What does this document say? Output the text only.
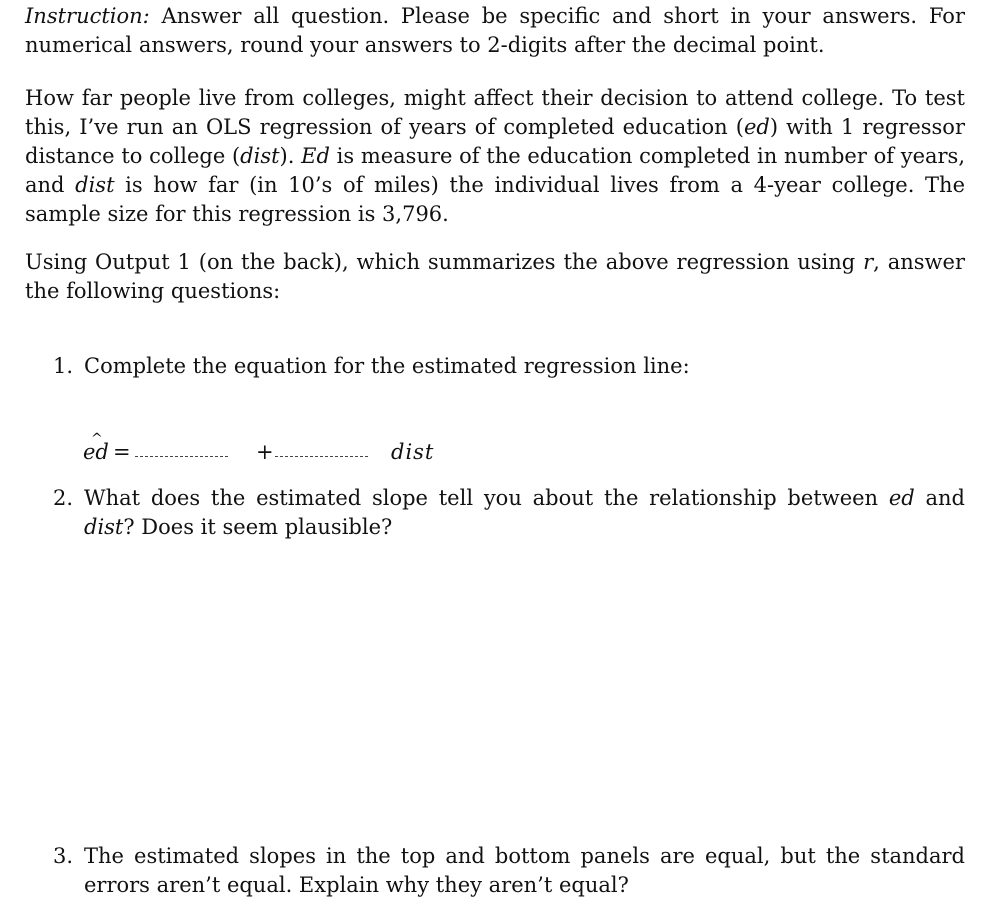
Instruction: Answer all question. Please be specific and short in your answers. For numerical answers, round your answers to 2-digits after the decimal point.

How far people live from colleges, might affect their decision to attend college. To test this, I’ve run an OLS regression of years of completed education (ed) with 1 regressor distance to college (dist). Ed is measure of the education completed in number of years, and dist is how far (in 10’s of miles) the individual lives from a 4-year college. The sample size for this regression is 3,796.

Using Output 1 (on the back), which summarizes the above regression using r, answer the following questions:

1. Complete the equation for the estimated regression line:
^ ed =	+	dist
2. What does the estimated slope tell you about the relationship between ed and dist? Does it seem plausible?
3. The estimated slopes in the top and bottom panels are equal, but the standard errors aren’t equal. Explain why they aren’t equal?
